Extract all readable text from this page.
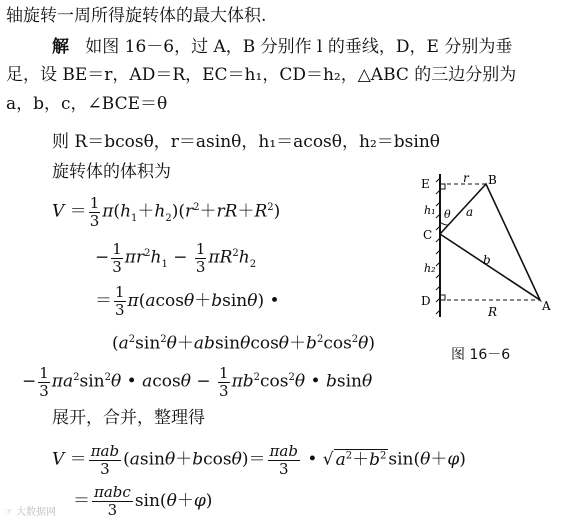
轴旋转一周所得旋转体的最大体积.
解 如图 16－6，过 A，B 分别作 l 的垂线，D，E 分别为垂
足，设 BE＝r，AD＝R，EC＝h₁，CD＝h₂，△ABC 的三边分别为
a，b，c，∠BCE＝θ
则 R＝bcosθ，r＝asinθ，h₁＝acosθ，h₂＝bsinθ
旋转体的体积为
$V = \frac{1}{3} \pi(h_1+h_2)(r^2+rR+R^2)$
− $\frac{1}{3} \pi r^2h_1 - \frac{1}{3} \pi R^2h_2$
＝ $\frac{1}{3} \pi(acos\theta+bsin\theta)$ •
$(a^2\sin^2\theta+absin\theta\cos\theta+b^2\cos^2\theta)$
− $\frac{1}{3} \pi a^2\sin^2\theta$ • $acos\theta - \frac{1}{3} \pi b^2\cos^2\theta$ • bsinθ
展开，合并，整理得
$V = \frac{\text{πab}}{3} (asin\theta+bcos\theta)= \frac{\text{πab}}{3}$ • √ $a^2+b^2$ sin(θ＋φ)
＝ $\frac{\text{πabc}}{3} \sin(\theta+\varphi)$
E	B
r
h₁ θ a
C
b
h₂
D
R	A
图 16－6
☞ 大数据网
